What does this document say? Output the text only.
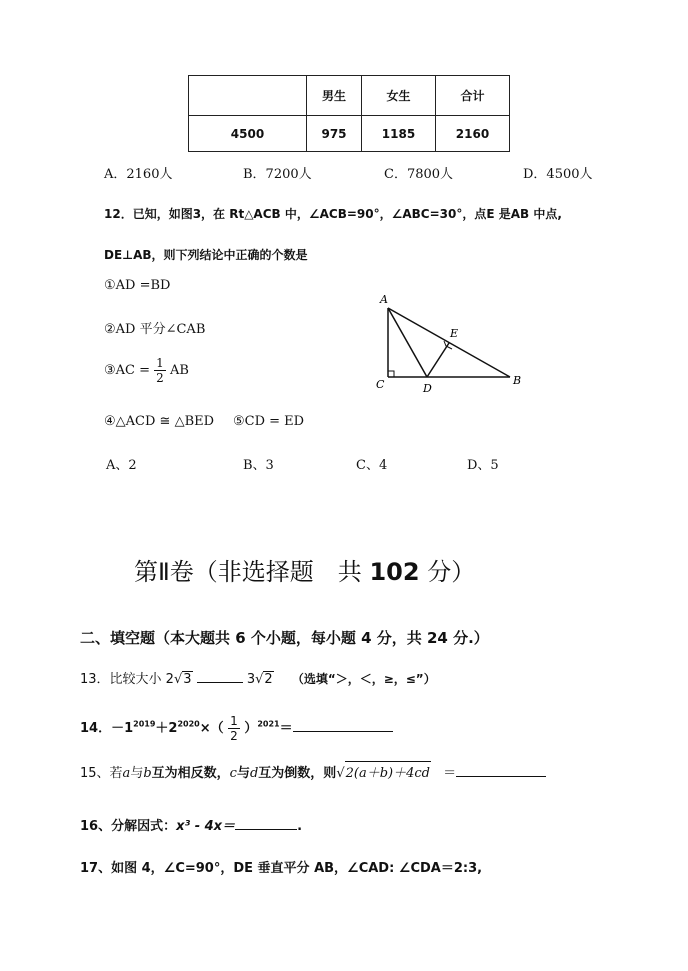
	男生	女生	合计
4500	975	1185	2160
A．2160人	B．7200人	C．7800人	D．4500人
12．已知，如图3，在 Rt△ACB 中，∠ACB=90°，∠ABC=30°，点E 是AB 中点,
DE⊥AB，则下列结论中正确的个数是
①AD =BD
②AD 平分∠CAB
③AC = $\frac{1}{2}$ AB
④△ACD ≅ △BED ⑤CD = ED
A
E
C	D
B
A、2	B、3	C、4	D、5
第Ⅱ卷（非选择题　共 102 分）
二、填空题（本大题共 6 个小题，每小题 4 分，共 24 分.）
13．比较大小 2√3	3√2 （选填“＞，＜，≥，≤”）
14．$-1^{2019}+2^{2020}\times( \frac{1}{2} )^{2021}=$
15、若a与b互为相反数，c与d互为倒数，则√2(a＋b)＋4cd ＝
16、分解因式：x³ - 4x＝	.
17、如图 4，∠C=90°，DE 垂直平分 AB，∠CAD: ∠CDA＝2:3,
